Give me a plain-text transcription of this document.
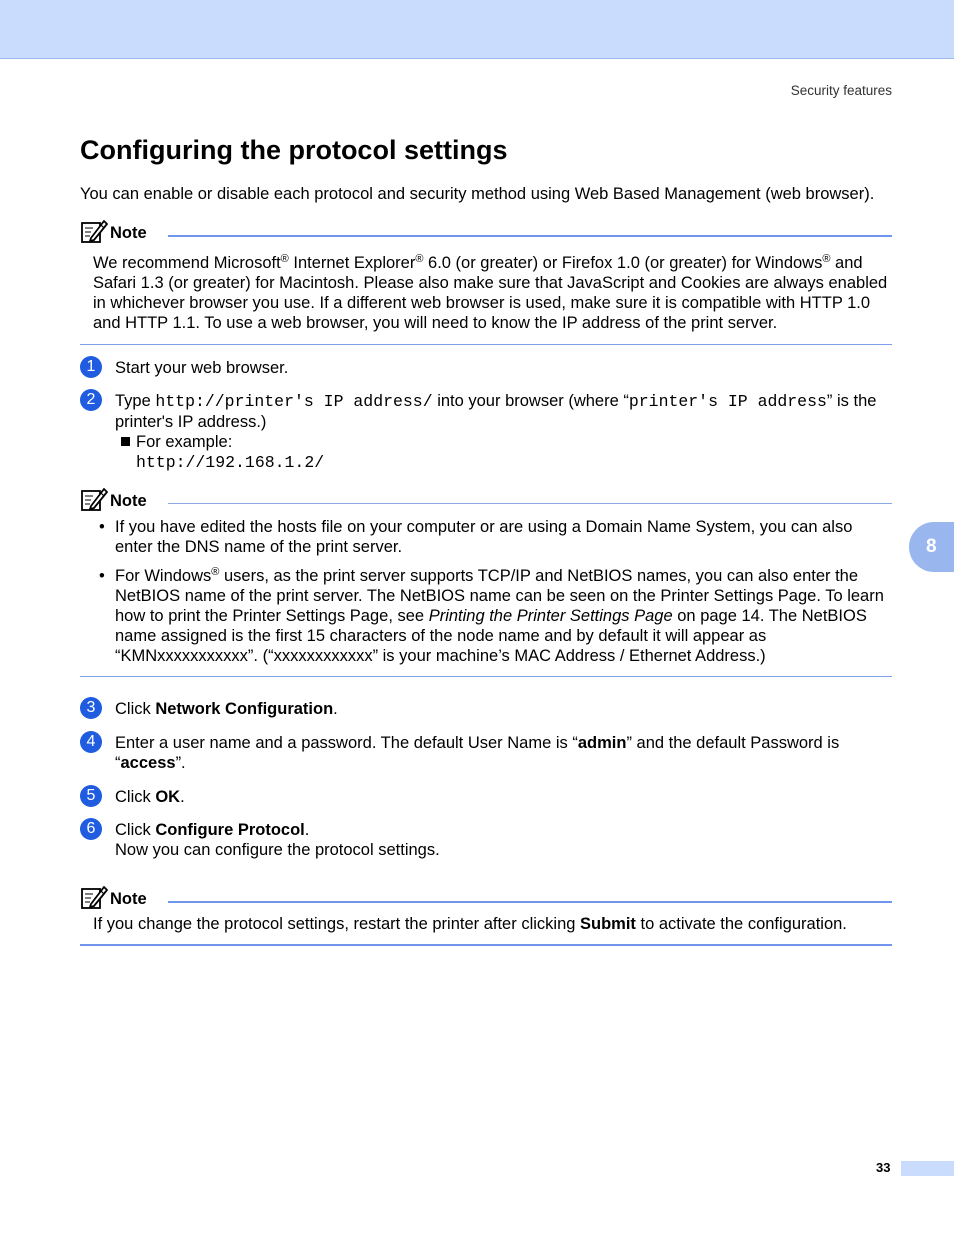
Security features
Configuring the protocol settings
You can enable or disable each protocol and security method using Web Based Management (web browser).
Note
We recommend Microsoft® Internet Explorer® 6.0 (or greater) or Firefox 1.0 (or greater) for Windows® and Safari 1.3 (or greater) for Macintosh. Please also make sure that JavaScript and Cookies are always enabled in whichever browser you use. If a different web browser is used, make sure it is compatible with HTTP 1.0 and HTTP 1.1. To use a web browser, you will need to know the IP address of the print server.
1	Start your web browser.
2	Type http://printer's IP address/ into your browser (where “printer's IP address” is the printer's IP address.)
For example:
http://192.168.1.2/
Note
• If you have edited the hosts file on your computer or are using a Domain Name System, you can also enter the DNS name of the print server.
• For Windows® users, as the print server supports TCP/IP and NetBIOS names, you can also enter the NetBIOS name of the print server. The NetBIOS name can be seen on the Printer Settings Page. To learn how to print the Printer Settings Page, see Printing the Printer Settings Page on page 14. The NetBIOS name assigned is the first 15 characters of the node name and by default it will appear as “KMNxxxxxxxxxxx”. (“xxxxxxxxxxxx” is your machine’s MAC Address / Ethernet Address.)
3	Click Network Configuration.
4	Enter a user name and a password. The default User Name is “admin” and the default Password is “access”.
5	Click OK.
6	Click Configure Protocol.
Now you can configure the protocol settings.
Note
If you change the protocol settings, restart the printer after clicking Submit to activate the configuration.
8
33
